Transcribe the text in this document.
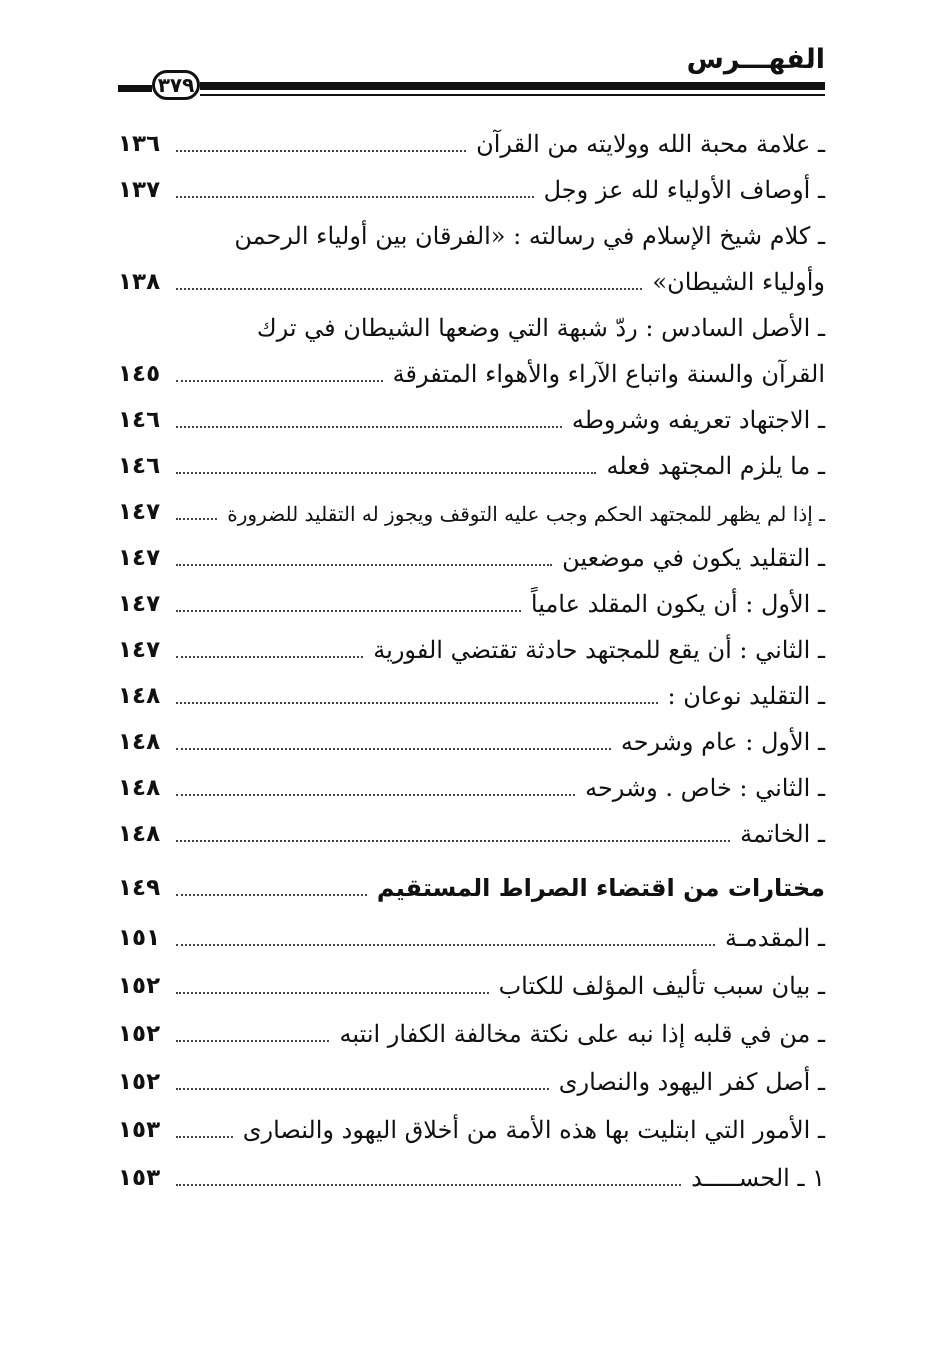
الفهـــرس
٣٧٩
ـ علامة محبة الله وولايته من القرآن
١٣٦
ـ أوصاف الأولياء لله عز وجل
١٣٧
ـ كلام شيخ الإسلام في رسالته : «الفرقان بين أولياء الرحمن
وأولياء الشيطان»
١٣٨
ـ الأصل السادس : ردّ شبهة التي وضعها الشيطان في ترك
القرآن والسنة واتباع الآراء والأهواء المتفرقة
١٤٥
ـ الاجتهاد تعريفه وشروطه
١٤٦
ـ ما يلزم المجتهد فعله
١٤٦
ـ إذا لم يظهر للمجتهد الحكم وجب عليه التوقف ويجوز له التقليد للضرورة
١٤٧
ـ التقليد يكون في موضعين
١٤٧
ـ الأول : أن يكون المقلد عامياً
١٤٧
ـ الثاني : أن يقع للمجتهد حادثة تقتضي الفورية
١٤٧
ـ التقليد نوعان :
١٤٨
ـ الأول : عام وشرحه
١٤٨
ـ الثاني : خاص . وشرحه
١٤٨
ـ الخاتمة
١٤٨
مختارات من اقتضاء الصراط المستقيم
١٤٩
ـ المقدمـة
١٥١
ـ بيان سبب تأليف المؤلف للكتاب
١٥٢
ـ من في قلبه إذا نبه على نكتة مخالفة الكفار انتبه
١٥٢
ـ أصل كفر اليهود والنصارى
١٥٢
ـ الأمور التي ابتليت بها هذه الأمة من أخلاق اليهود والنصارى
١٥٣
١ ـ الحســـــد
١٥٣
